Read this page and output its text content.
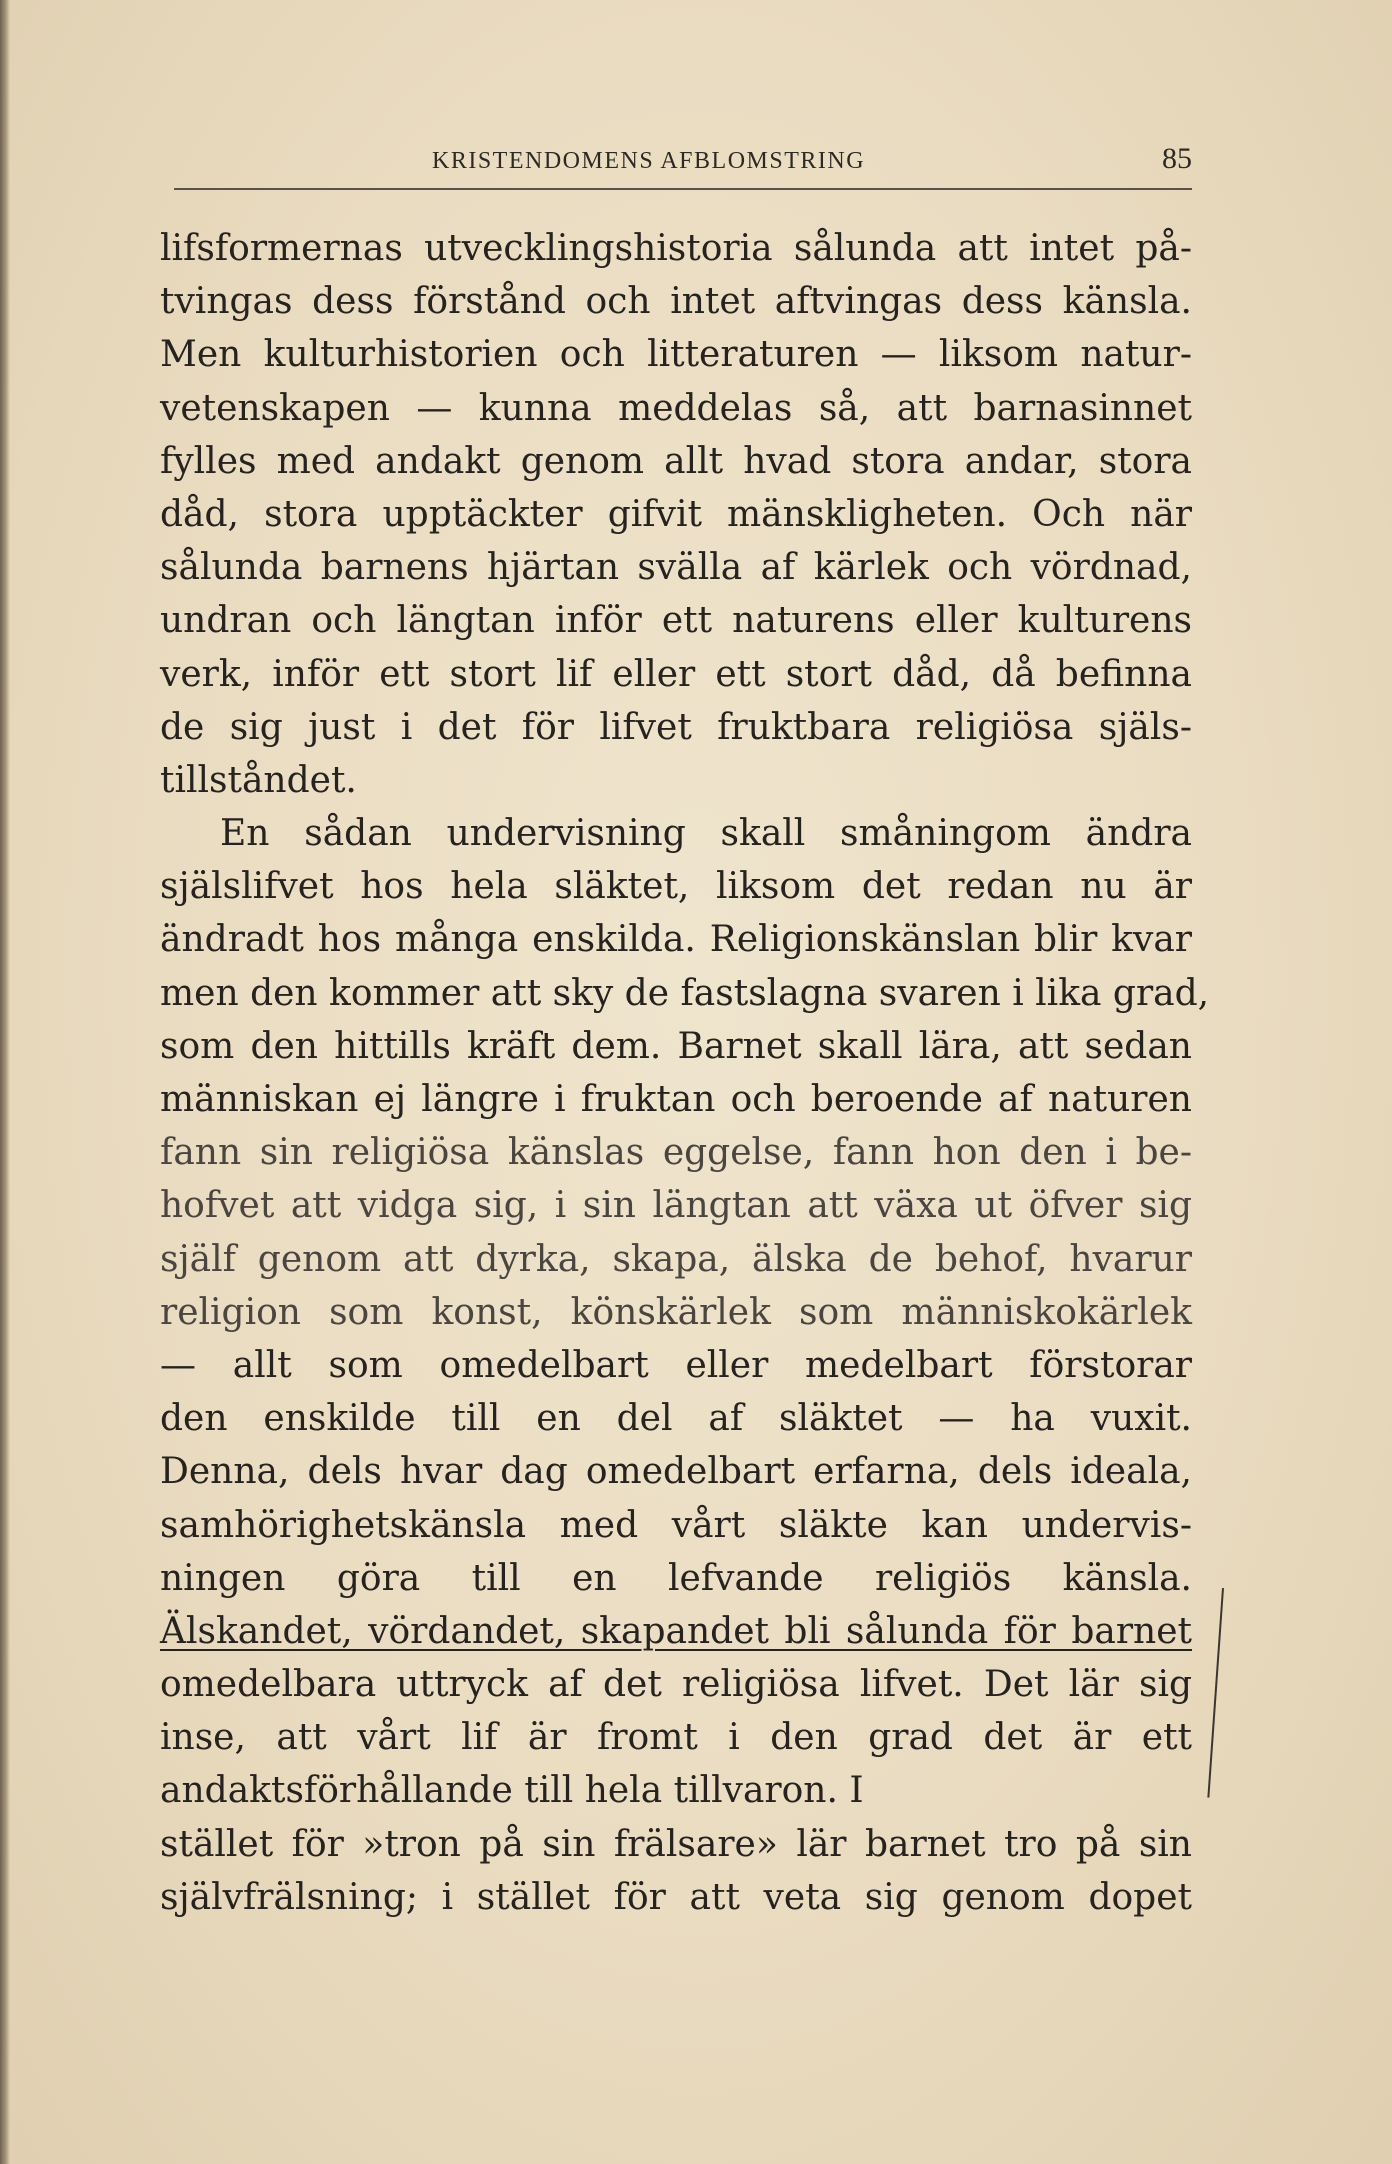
KRISTENDOMENS AFBLOMSTRING	85
lifsformernas utvecklingshistoria sålunda att intet på-
tvingas dess förstånd och intet aftvingas dess känsla.
Men kulturhistorien och litteraturen — liksom natur-
vetenskapen — kunna meddelas så, att barnasinnet
fylles med andakt genom allt hvad stora andar, stora
dåd, stora upptäckter gifvit mänskligheten. Och när
sålunda barnens hjärtan svälla af kärlek och vördnad,
undran och längtan inför ett naturens eller kulturens
verk, inför ett stort lif eller ett stort dåd, då befinna
de sig just i det för lifvet fruktbara religiösa själs-
tillståndet.
En sådan undervisning skall småningom ändra
själslifvet hos hela släktet, liksom det redan nu är
ändradt hos många enskilda. Religionskänslan blir kvar
men den kommer att sky de fastslagna svaren i lika grad,
som den hittills kräft dem. Barnet skall lära, att sedan
människan ej längre i fruktan och beroende af naturen
fann sin religiösa känslas eggelse, fann hon den i be-
hofvet att vidga sig, i sin längtan att växa ut öfver sig
själf genom att dyrka, skapa, älska de behof, hvarur
religion som konst, könskärlek som människokärlek
— allt som omedelbart eller medelbart förstorar
den enskilde till en del af släktet — ha vuxit.
Denna, dels hvar dag omedelbart erfarna, dels ideala,
samhörighetskänsla med vårt släkte kan undervis-
ningen göra till en lefvande religiös känsla.
Älskandet, vördandet, skapandet bli sålunda för barnet
omedelbara uttryck af det religiösa lifvet. Det lär sig
inse, att vårt lif är fromt i den grad det är ett
andaktsförhållande till hela tillvaron. I
stället för »tron på sin frälsare» lär barnet tro på sin
självfrälsning; i stället för att veta sig genom dopet
